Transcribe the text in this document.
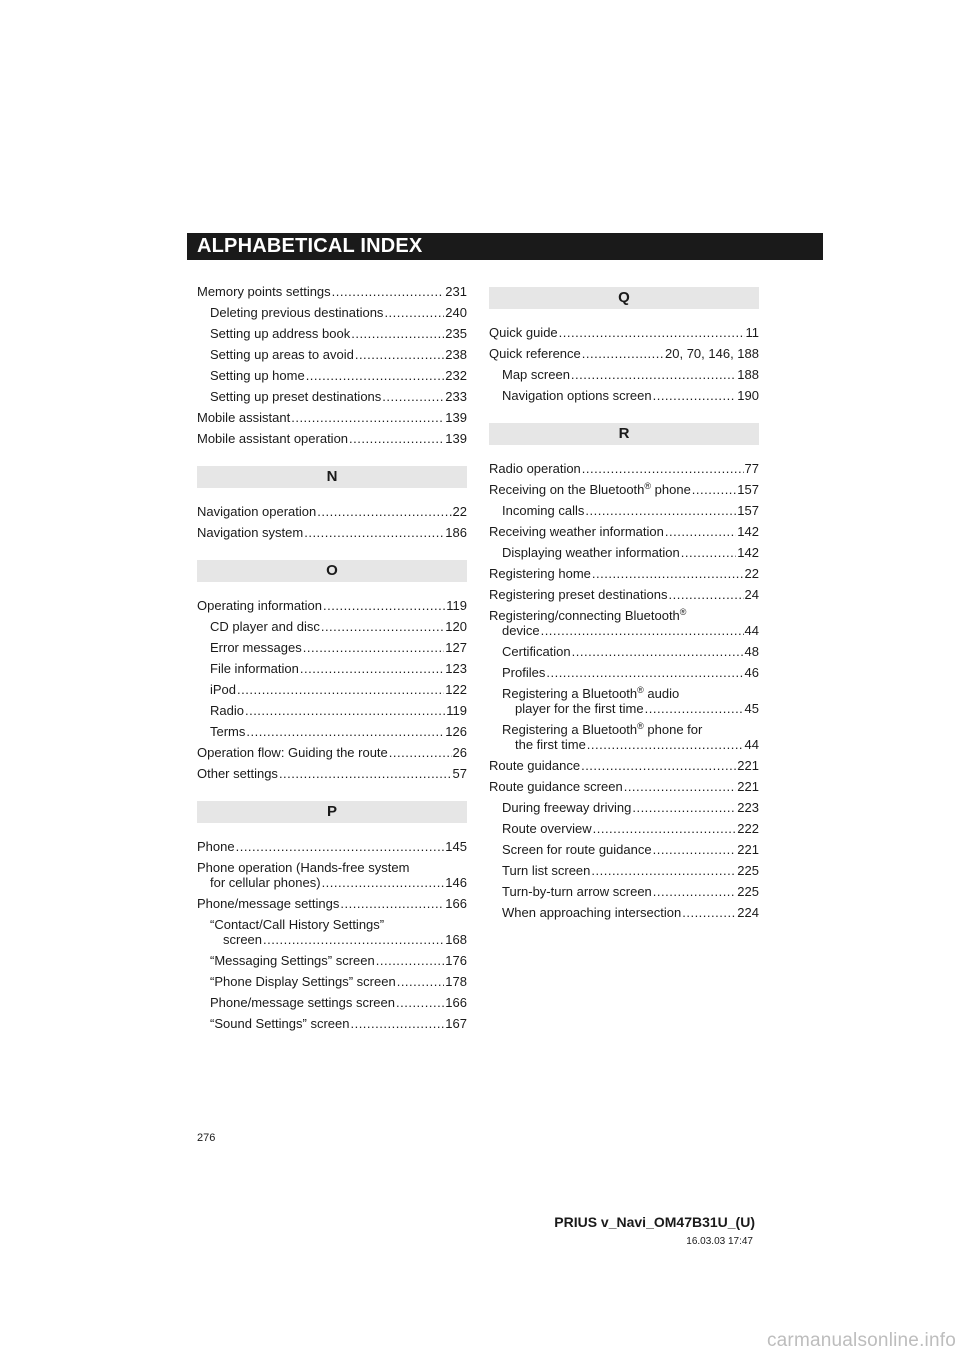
ALPHABETICAL INDEX
Memory points settings .....	231
Deleting previous destinations .....	240
Setting up address book .....	235
Setting up areas to avoid .....	238
Setting up home .....	232
Setting up preset destinations .....	233
Mobile assistant .....	139
Mobile assistant operation .....	139
N
Navigation operation .....	22
Navigation system .....	186
O
Operating information .....	119
CD player and disc .....	120
Error messages .....	127
File information .....	123
iPod .....	122
Radio .....	119
Terms .....	126
Operation flow: Guiding the route .....	26
Other settings .....	57
P
Phone .....	145
Phone operation (Hands-free system
for cellular phones) .....	146
Phone/message settings .....	166
“Contact/Call History Settings”
screen .....	168
“Messaging Settings” screen .....	176
“Phone Display Settings” screen .....	178
Phone/message settings screen .....	166
“Sound Settings” screen .....	167
Q
Quick guide .....	11
Quick reference .....	20, 70, 146, 188
Map screen .....	188
Navigation options screen .....	190
R
Radio operation .....	77
Receiving on the Bluetooth® phone .....	157
Incoming calls .....	157
Receiving weather information .....	142
Displaying weather information .....	142
Registering home .....	22
Registering preset destinations .....	24
Registering/connecting Bluetooth®
device .....	44
Certification .....	48
Profiles .....	46
Registering a Bluetooth® audio
player for the first time .....	45
Registering a Bluetooth® phone for
the first time .....	44
Route guidance .....	221
Route guidance screen .....	221
During freeway driving .....	223
Route overview .....	222
Screen for route guidance .....	221
Turn list screen .....	225
Turn-by-turn arrow screen .....	225
When approaching intersection .....	224
276
PRIUS v_Navi_OM47B31U_(U)
16.03.03 17:47
carmanualsonline.info
